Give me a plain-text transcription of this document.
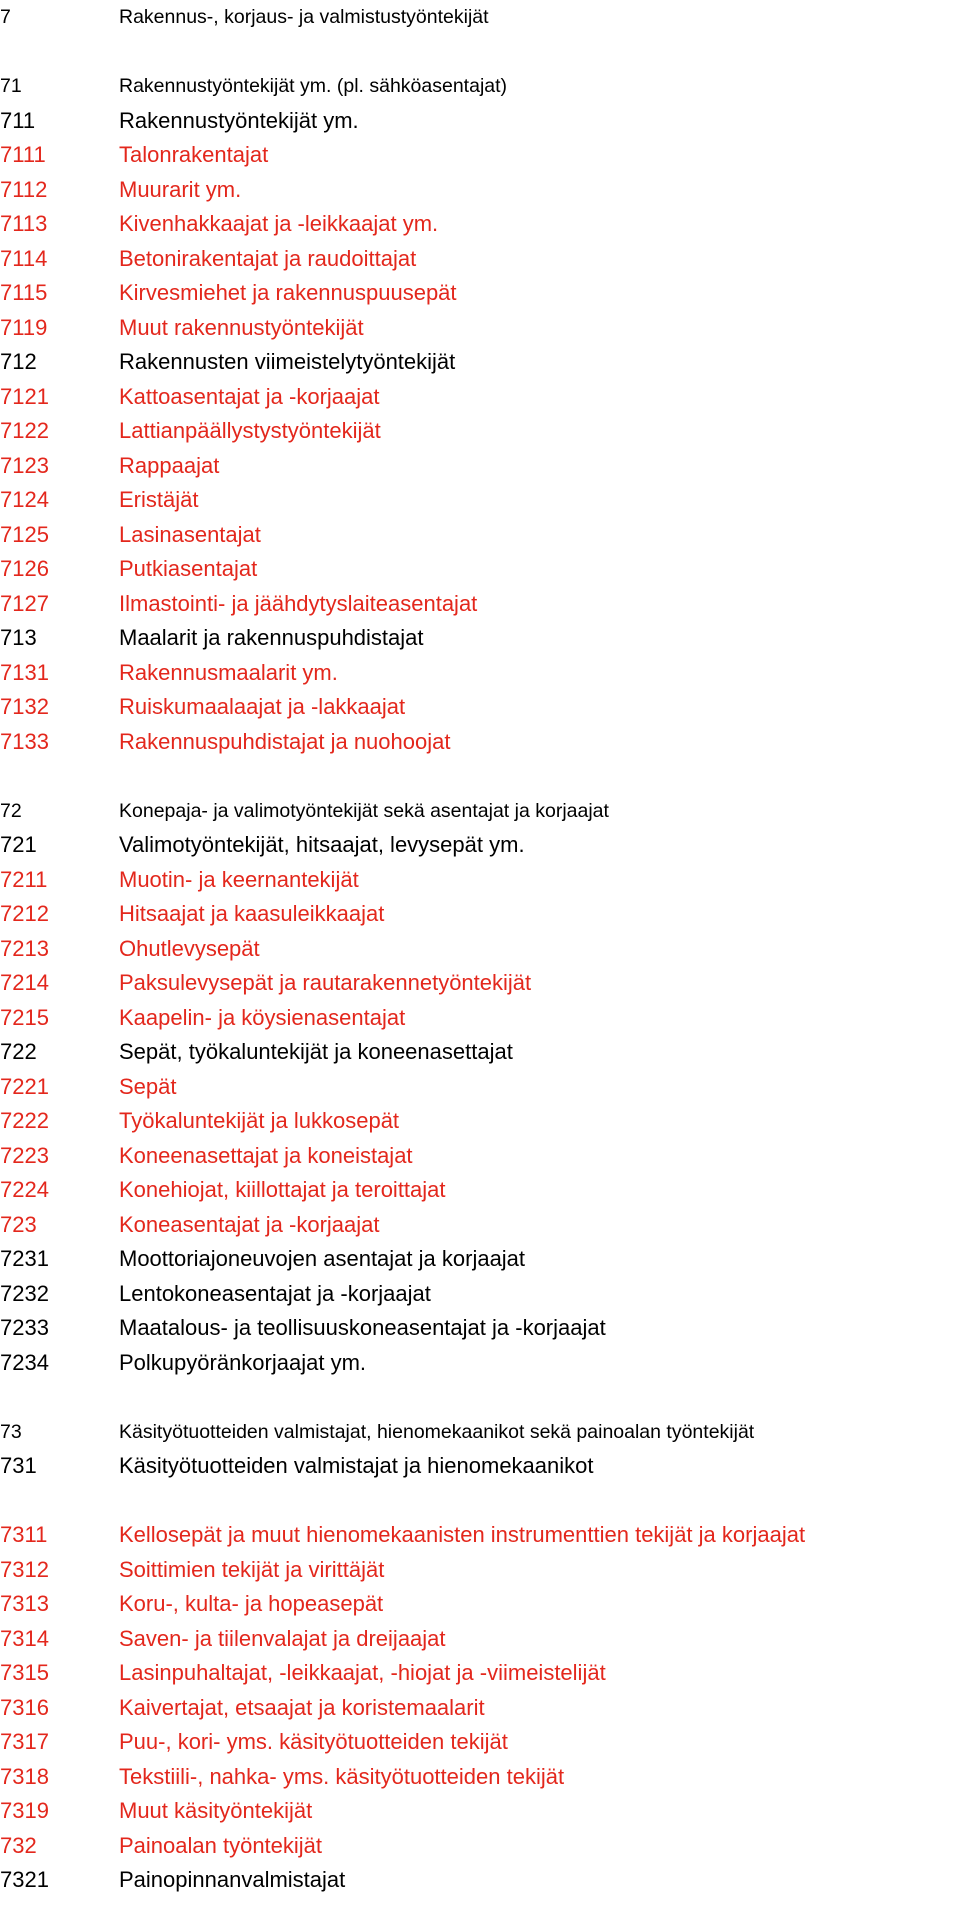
7	Rakennus-, korjaus- ja valmistustyöntekijät
71	Rakennustyöntekijät ym. (pl. sähköasentajat)
711	Rakennustyöntekijät ym.
7111	Talonrakentajat
7112	Muurarit ym.
7113	Kivenhakkaajat ja -leikkaajat ym.
7114	Betonirakentajat ja raudoittajat
7115	Kirvesmiehet ja rakennuspuusepät
7119	Muut rakennustyöntekijät
712	Rakennusten viimeistelytyöntekijät
7121	Kattoasentajat ja -korjaajat
7122	Lattianpäällystystyöntekijät
7123	Rappaajat
7124	Eristäjät
7125	Lasinasentajat
7126	Putkiasentajat
7127	Ilmastointi- ja jäähdytyslaiteasentajat
713	Maalarit ja rakennuspuhdistajat
7131	Rakennusmaalarit ym.
7132	Ruiskumaalaajat ja -lakkaajat
7133	Rakennuspuhdistajat ja nuohoojat
72	Konepaja- ja valimotyöntekijät sekä asentajat ja korjaajat
721	Valimotyöntekijät, hitsaajat, levysepät ym.
7211	Muotin- ja keernantekijät
7212	Hitsaajat ja kaasuleikkaajat
7213	Ohutlevysepät
7214	Paksulevysepät ja rautarakennetyöntekijät
7215	Kaapelin- ja köysienasentajat
722	Sepät, työkaluntekijät ja koneenasettajat
7221	Sepät
7222	Työkaluntekijät ja lukkosepät
7223	Koneenasettajat ja koneistajat
7224	Konehiojat, kiillottajat ja teroittajat
723	Koneasentajat ja -korjaajat
7231	Moottoriajoneuvojen asentajat ja korjaajat
7232	Lentokoneasentajat ja -korjaajat
7233	Maatalous- ja teollisuuskoneasentajat ja -korjaajat
7234	Polkupyöränkorjaajat ym.
73	Käsityötuotteiden valmistajat, hienomekaanikot sekä painoalan työntekijät
731	Käsityötuotteiden valmistajat ja hienomekaanikot
7311	Kellosepät ja muut hienomekaanisten instrumenttien tekijät ja korjaajat
7312	Soittimien tekijät ja virittäjät
7313	Koru-, kulta- ja hopeasepät
7314	Saven- ja tiilenvalajat ja dreijaajat
7315	Lasinpuhaltajat, -leikkaajat, -hiojat ja -viimeistelijät
7316	Kaivertajat, etsaajat ja koristemaalarit
7317	Puu-, kori- yms. käsityötuotteiden tekijät
7318	Tekstiili-, nahka- yms. käsityötuotteiden tekijät
7319	Muut käsityöntekijät
732	Painoalan työntekijät
7321	Painopinnanvalmistajat
